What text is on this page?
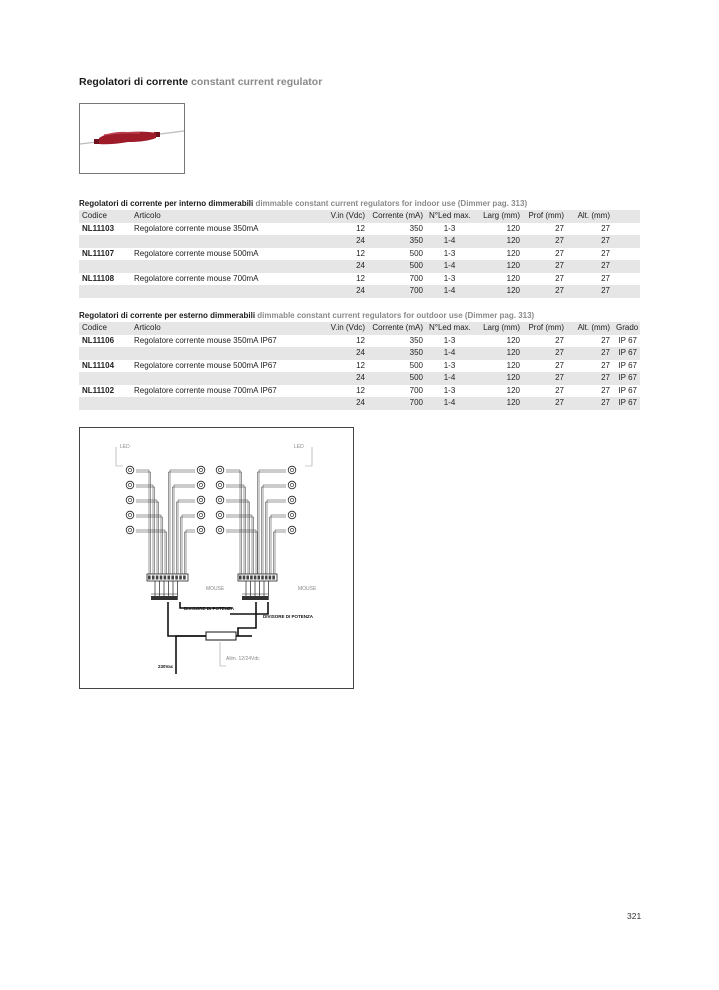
Regolatori di corrente constant current regulator
Regolatori di corrente per interno dimmerabili dimmable constant current regulators for indoor use (Dimmer pag. 313)
Codice	Articolo	V.in (Vdc)	Corrente (mA)	N°Led max.	Larg (mm)	Prof (mm)	Alt. (mm)	
NL11103	Regolatore corrente mouse 350mA	12	350	1-3	120	27	27	
		24	350	1-4	120	27	27	
NL11107	Regolatore corrente mouse 500mA	12	500	1-3	120	27	27	
		24	500	1-4	120	27	27	
NL11108	Regolatore corrente mouse 700mA	12	700	1-3	120	27	27	
		24	700	1-4	120	27	27	
Regolatori di corrente per esterno dimmerabili dimmable constant current regulators for outdoor use (Dimmer pag. 313)
Codice	Articolo	V.in (Vdc)	Corrente (mA)	N°Led max.	Larg (mm)	Prof (mm)	Alt. (mm)	Grado
NL11106	Regolatore corrente mouse 350mA IP67	12	350	1-3	120	27	27	IP 67
		24	350	1-4	120	27	27	IP 67
NL11104	Regolatore corrente mouse 500mA IP67	12	500	1-3	120	27	27	IP 67
		24	500	1-4	120	27	27	IP 67
NL11102	Regolatore corrente mouse 700mA IP67	12	700	1-3	120	27	27	IP 67
		24	700	1-4	120	27	27	IP 67
LED	LED
MOUSE	MOUSE
DIVISORE DI POTENZA
DIVISORE DI POTENZA
Alim. 12/24Vdc
230Vac
321
